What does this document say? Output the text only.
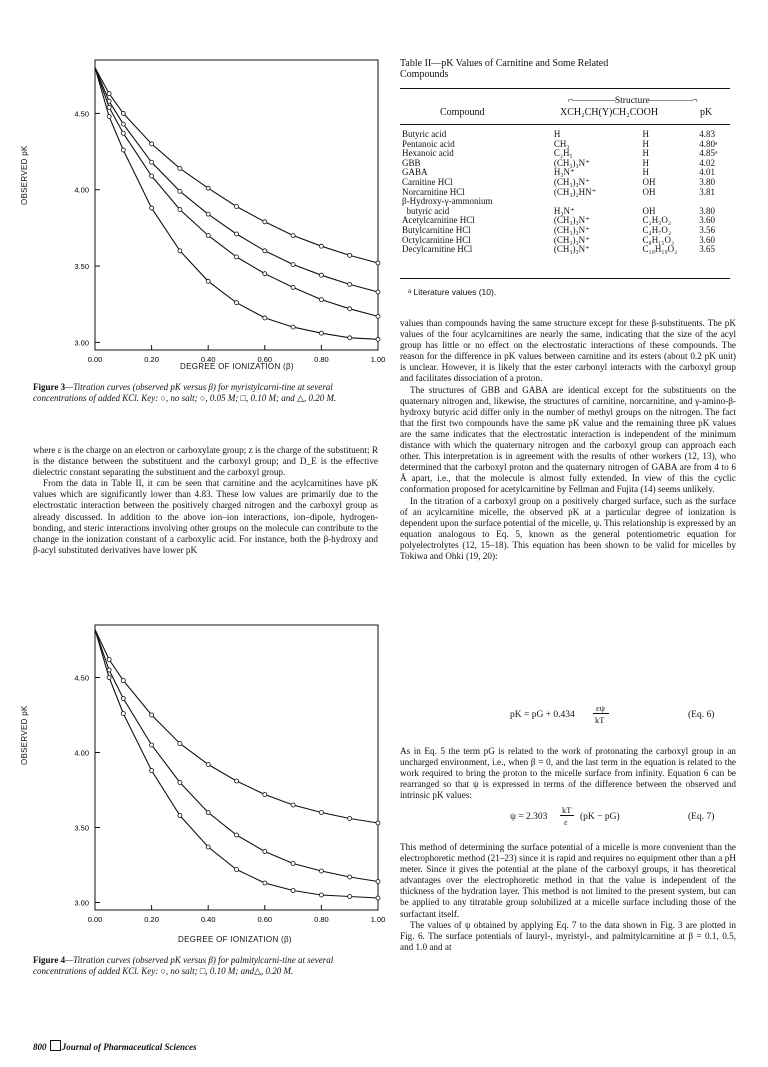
0.00	0.20	0.40	0.60	0.80	1.00
3.00
3.50
4.00
4.50
OBSERVED pK
DEGREE OF IONIZATION (β)
Figure 3—Titration curves (observed pK versus β) for myristylcarni-tine at several concentrations of added KCl. Key: ○, no salt; ○, 0.05 M; □, 0.10 M; and △, 0.20 M.

where ε is the charge on an electron or carboxylate group; z is the charge of the substituent; R is the distance between the substituent and the carboxyl group; and D_E is the effective dielectric constant separating the substituent and the carboxyl group.

From the data in Table II, it can be seen that carnitine and the acylcarnitines have pK values which are significantly lower than 4.83. These low values are primarily due to the electrostatic interaction between the positively charged nitrogen and the carboxyl group as already discussed. In addition to the above ion–ion interactions, ion–dipole, hydrogen-bonding, and steric interactions involving other groups on the molecule can contribute to the change in the ionization constant of a carboxylic acid. For instance, both the β-hydroxy and β-acyl substituted derivatives have lower pK

0.00	0.20	0.40	0.60	0.80	1.00
3.00
3.50
4.00
4.50
OBSERVED pK
DEGREE OF IONIZATION (β)
Figure 4—Titration curves (observed pK versus β) for palmitylcarni-tine at several concentrations of added KCl. Key: ○, no salt; □, 0.10 M; and△, 0.20 M.
800 Journal of Pharmaceutical Sciences
Table II—pK Values of Carnitine and Some Related Compounds
⌐—————Structure—————¬
Compound	XCH₂CH(Y)CH₂COOH	pK
Butyric acid	H	H	4.83
Pentanoic acid	CH₃	H	4.80ᵃ
Hexanoic acid	C₂H₅	H	4.85ᵃ
GBB	(CH₃)₃N⁺	H	4.02
GABA	H₃N⁺	H	4.01
Carnitine HCl	(CH₃)₃N⁺	OH	3.80
Norcarnitine HCl	(CH₃)₂HN⁺	OH	3.81
β-Hydroxy-γ-ammonium			
butyric acid	H₃N⁺	OH	3.80
Acetylcarnitine HCl	(CH₃)₃N⁺	C₂H₃O₂	3.60
Butylcarnitine HCl	(CH₃)₃N⁺	C₄H₇O₂	3.56
Octylcarnitine HCl	(CH₃)₃N⁺	C₈H₁₅O₂	3.60
Decylcarnitine HCl	(CH₃)₃N⁺	C₁₀H₁₉O₂	3.65
ᵃ Literature values (10).

values than compounds having the same structure except for these β-substituents. The pK values of the four acylcarnitines are nearly the same, indicating that the size of the acyl group has little or no effect on the electrostatic interactions of these compounds. The reason for the difference in pK values between carnitine and its esters (about 0.2 pK unit) is unclear. However, it is likely that the ester carbonyl interacts with the carboxyl group and facilitates dissociation of a proton.

The structures of GBB and GABA are identical except for the substituents on the quaternary nitrogen and, likewise, the structures of carnitine, norcarnitine, and γ-amino-β-hydroxy butyric acid differ only in the number of methyl groups on the nitrogen. The fact that the first two compounds have the same pK value and the remaining three pK values are the same indicates that the electrostatic interaction is independent of the minimum distance with which the quaternary nitrogen and the carboxyl group can approach each other. This interpretation is in agreement with the results of other workers (12, 13), who determined that the carboxyl proton and the quaternary nitrogen of GABA are from 4 to 6 Å apart, i.e., that the molecule is almost fully extended. In view of this the cyclic conformation proposed for acetylcarnitine by Fellman and Fujita (14) seems unlikely.

In the titration of a carboxyl group on a positively charged surface, such as the surface of an acylcarnitine micelle, the observed pK at a particular degree of ionization is dependent upon the surface potential of the micelle, ψ. This relationship is expressed by an equation analogous to Eq. 5, known as the general potentiometric equation for polyelectrolytes (12, 15–18). This equation has been shown to be valid for micelles by Tokiwa and Ohki (19, 20):

pK = pG + 0.434
εψ
kT	(Eq. 6)

As in Eq. 5 the term pG is related to the work of protonating the carboxyl group in an uncharged environment, i.e., when β = 0, and the last term in the equation is related to the work required to bring the proton to the micelle surface from infinity. Equation 6 can be rearranged so that ψ is expressed in terms of the difference between the observed and intrinsic pK values:

ψ = 2.303
kT
ε (pK − pG)	(Eq. 7)

This method of determining the surface potential of a micelle is more convenient than the electrophoretic method (21–23) since it is rapid and requires no equipment other than a pH meter. Since it gives the potential at the plane of the carboxyl groups, it has theoretical advantages over the electrophoretic method in that the value is independent of the thickness of the hydration layer. This method is not limited to the present system, but can be applied to any titratable group solubilized at a micelle surface including those of the surfactant itself.

The values of ψ obtained by applying Eq. 7 to the data shown in Fig. 3 are plotted in Fig. 6. The surface potentials of lauryl-, myristyl-, and palmitylcarnitine at β = 0.1, 0.5, and 1.0 and at
